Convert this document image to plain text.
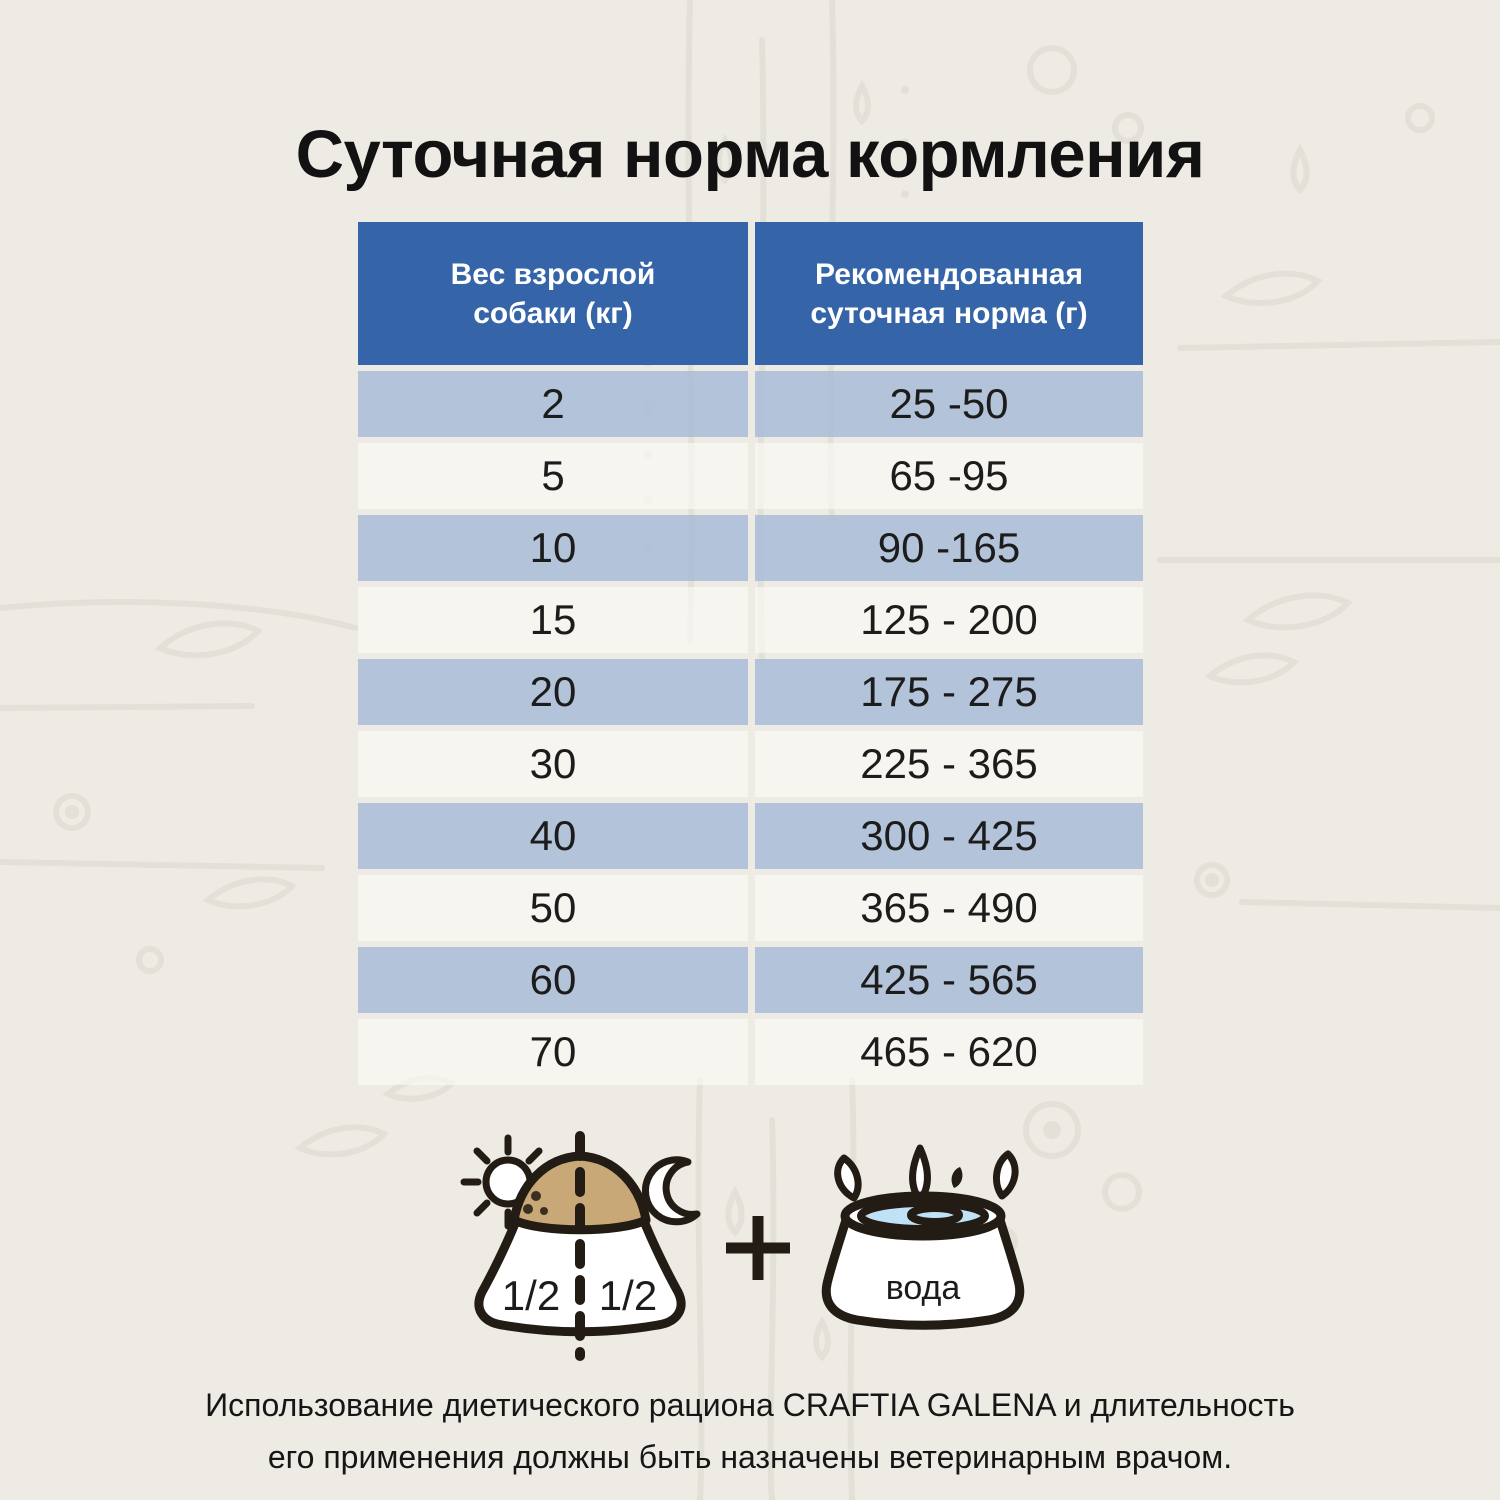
Суточная норма кормления
Вес взрослой собаки (кг)
Рекомендованная суточная норма (г)
2	25 -50
5	65 -95
10	90 -165
15	125 - 200
20	175 - 275
30	225 - 365
40	300 - 425
50	365 - 490
60	425 - 565
70	465 - 620
1/2 1/2	вода
Использование диетического рациона CRAFTIA GALENA и длительность
его применения должны быть назначены ветеринарным врачом.
